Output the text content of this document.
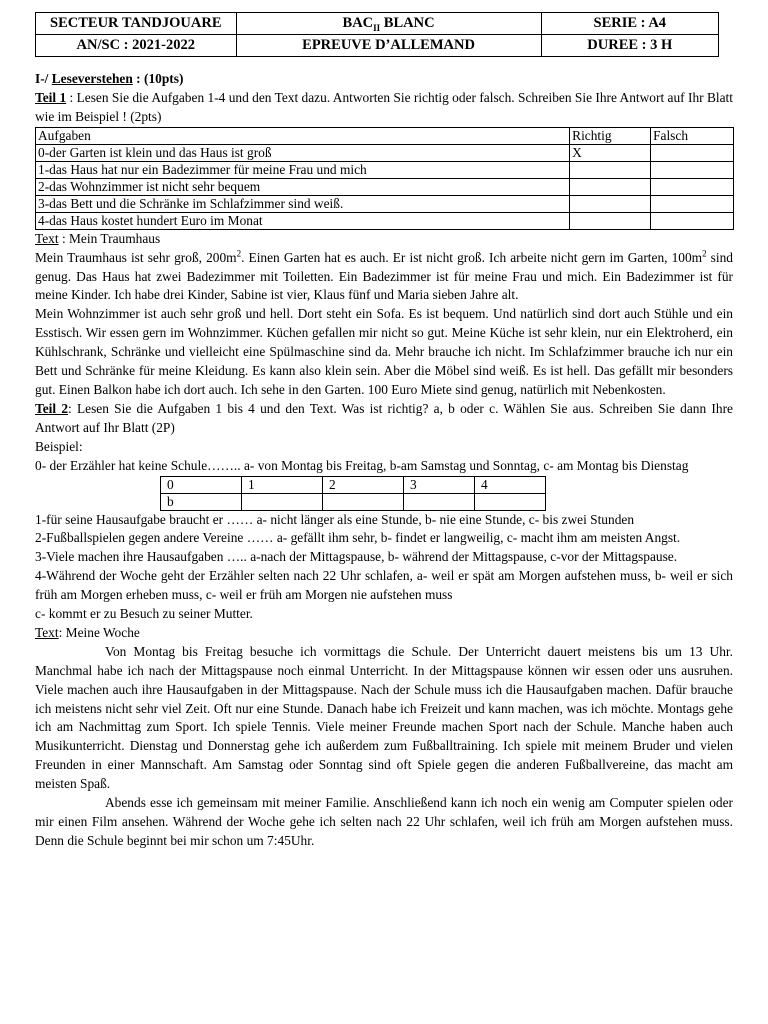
SECTEUR TANDJOUARE	$BAC_{II}$ BLANC	SERIE : A4
AN/SC : 2021-2022	EPREUVE D’ALLEMAND	DUREE : 3 H

I-/ Leseverstehen : (10pts)

Teil 1 : Lesen Sie die Aufgaben 1-4 und den Text dazu. Antworten Sie richtig oder falsch. Schreiben Sie Ihre Antwort auf Ihr Blatt wie im Beispiel ! (2pts)

Aufgaben	Richtig	Falsch
0-der Garten ist klein und das Haus ist groß	X	
1-das Haus hat nur ein Badezimmer für meine Frau und mich		
2-das Wohnzimmer ist nicht sehr bequem		
3-das Bett und die Schränke im Schlafzimmer sind weiß.		
4-das Haus kostet hundert Euro im Monat		

Text : Mein Traumhaus

Mein Traumhaus ist sehr groß, $200m^2$. Einen Garten hat es auch. Er ist nicht groß. Ich arbeite nicht gern im Garten, $100m^2$ sind genug. Das Haus hat zwei Badezimmer mit Toiletten. Ein Badezimmer ist für meine Frau und mich. Ein Badezimmer ist für meine Kinder. Ich habe drei Kinder, Sabine ist vier, Klaus fünf und Maria sieben Jahre alt.

Mein Wohnzimmer ist auch sehr groß und hell. Dort steht ein Sofa. Es ist bequem. Und natürlich sind dort auch Stühle und ein Esstisch. Wir essen gern im Wohnzimmer. Küchen gefallen mir nicht so gut. Meine Küche ist sehr klein, nur ein Elektroherd, ein Kühlschrank, Schränke und vielleicht eine Spülmaschine sind da. Mehr brauche ich nicht. Im Schlafzimmer brauche ich nur ein Bett und Schränke für meine Kleidung. Es kann also klein sein. Aber die Möbel sind weiß. Es ist hell. Das gefällt mir besonders gut. Einen Balkon habe ich dort auch. Ich sehe in den Garten. 100 Euro Miete sind genug, natürlich mit Nebenkosten.

Teil 2: Lesen Sie die Aufgaben 1 bis 4 und den Text. Was ist richtig? a, b oder c. Wählen Sie aus. Schreiben Sie dann Ihre Antwort auf Ihr Blatt (2P)

Beispiel:

0- der Erzähler hat keine Schule…….. a- von Montag bis Freitag, b-am Samstag und Sonntag, c- am Montag bis Dienstag

0	1	2	3	4
b				

1-für seine Hausaufgabe braucht er …… a- nicht länger als eine Stunde, b- nie eine Stunde, c- bis zwei Stunden

2-Fußballspielen gegen andere Vereine …… a- gefällt ihm sehr, b- findet er langweilig, c- macht ihm am meisten Angst.

3-Viele machen ihre Hausaufgaben ….. a-nach der Mittagspause, b- während der Mittagspause, c-vor der Mittagspause.

4-Während der Woche geht der Erzähler selten nach 22 Uhr schlafen, a- weil er spät am Morgen aufstehen muss, b- weil er sich früh am Morgen erheben muss, c- weil er früh am Morgen nie aufstehen muss

c- kommt er zu Besuch zu seiner Mutter.

Text: Meine Woche

Von Montag bis Freitag besuche ich vormittags die Schule. Der Unterricht dauert meistens bis um 13 Uhr. Manchmal habe ich nach der Mittagspause noch einmal Unterricht. In der Mittagspause können wir essen oder uns ausruhen. Viele machen auch ihre Hausaufgaben in der Mittagspause. Nach der Schule muss ich die Hausaufgaben machen. Dafür brauche ich meistens nicht sehr viel Zeit. Oft nur eine Stunde. Danach habe ich Freizeit und kann machen, was ich möchte. Montags gehe ich am Nachmittag zum Sport. Ich spiele Tennis. Viele meiner Freunde machen Sport nach der Schule. Manche haben auch Musikunterricht. Dienstag und Donnerstag gehe ich außerdem zum Fußballtraining. Ich spiele mit meinem Bruder und vielen Freunden in einer Mannschaft. Am Samstag oder Sonntag sind oft Spiele gegen die anderen Fußballvereine, das macht am meisten Spaß.

Abends esse ich gemeinsam mit meiner Familie. Anschließend kann ich noch ein wenig am Computer spielen oder mir einen Film ansehen. Während der Woche gehe ich selten nach 22 Uhr schlafen, weil ich früh am Morgen aufstehen muss. Denn die Schule beginnt bei mir schon um 7:45Uhr.
